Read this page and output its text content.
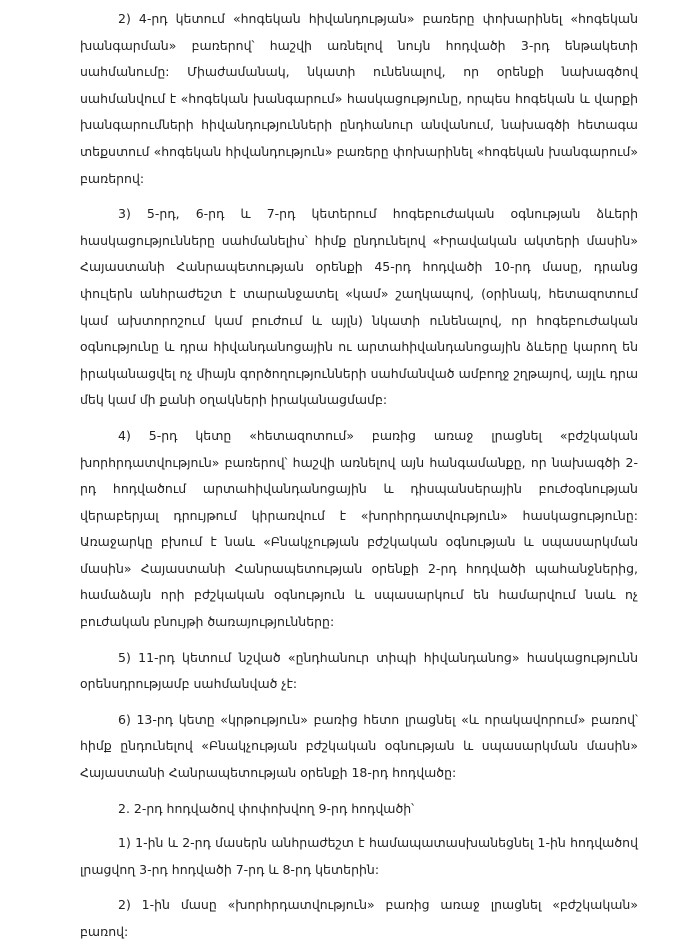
2) 4-րդ կետում «հոգեկան հիվանդության» բառերը փոխարինել «հոգեկան խանգարման» բառերով՝ հաշվի առնելով նույն հոդվածի 3-րդ ենթակետի սահմանումը: Միաժամանակ, նկատի ունենալով, որ օրենքի նախագծով սահմանվում է «հոգեկան խանգարում» հասկացությունը, որպես հոգեկան և վարքի խանգարումների հիվանդությունների ընդհանուր անվանում, նախագծի հետագա տեքստում «հոգեկան հիվանդություն» բառերը փոխարինել «հոգեկան խանգարում» բառերով:

3) 5-րդ, 6-րդ և 7-րդ կետերում հոգեբուժական օգնության ձևերի հասկացությունները սահմանելիս՝ հիմք ընդունելով «Իրավական ակտերի մասին» Հայաստանի Հանրապետության օրենքի 45-րդ հոդվածի 10-րդ մասը, դրանց փուլերն անհրաժեշտ է տարանջատել «կամ» շաղկապով, (օրինակ, հետազոտում կամ ախտորոշում կամ բուժում և այլն) նկատի ունենալով, որ հոգեբուժական օգնությունը և դրա հիվանդանոցային ու արտահիվանդանոցային ձևերը կարող են իրականացվել ոչ միայն գործողությունների սահմանված ամբողջ շղթայով, այլև դրա մեկ կամ մի քանի օղակների իրականացմամբ:

4) 5-րդ կետը «հետազոտում» բառից առաջ լրացնել «բժշկական խորհրդատվություն» բառերով՝ հաշվի առնելով այն հանգամանքը, որ նախագծի 2-րդ հոդվածում արտահիվանդանոցային և դիսպանսերային բուժօգնության վերաբերյալ դրույթում կիրառվում է «խորհրդատվություն» հասկացությունը: Առաջարկը բխում է նաև «Բնակչության բժշկական օգնության և սպասարկման մասին» Հայաստանի Հանրապետության օրենքի 2-րդ հոդվածի պահանջներից, համաձայն որի բժշկական օգնություն և սպասարկում են համարվում նաև ոչ բուժական բնույթի ծառայությունները:

5) 11-րդ կետում նշված «ընդհանուր տիպի հիվանդանոց» հասկացությունն օրենսդրությամբ սահմանված չէ:

6) 13-րդ կետը «կրթություն» բառից հետո լրացնել «և որակավորում» բառով՝ հիմք ընդունելով «Բնակչության բժշկական օգնության և սպասարկման մասին» Հայաստանի Հանրապետության օրենքի 18-րդ հոդվածը:

2. 2-րդ հոդվածով փոփոխվող 9-րդ հոդվածի՝

1) 1-ին և 2-րդ մասերն անհրաժեշտ է համապատասխանեցնել 1-ին հոդվածով լրացվող 3-րդ հոդվածի 7-րդ և 8-րդ կետերին:

2) 1-ին մասը «խորհրդատվություն» բառից առաջ լրացնել «բժշկական» բառով:
